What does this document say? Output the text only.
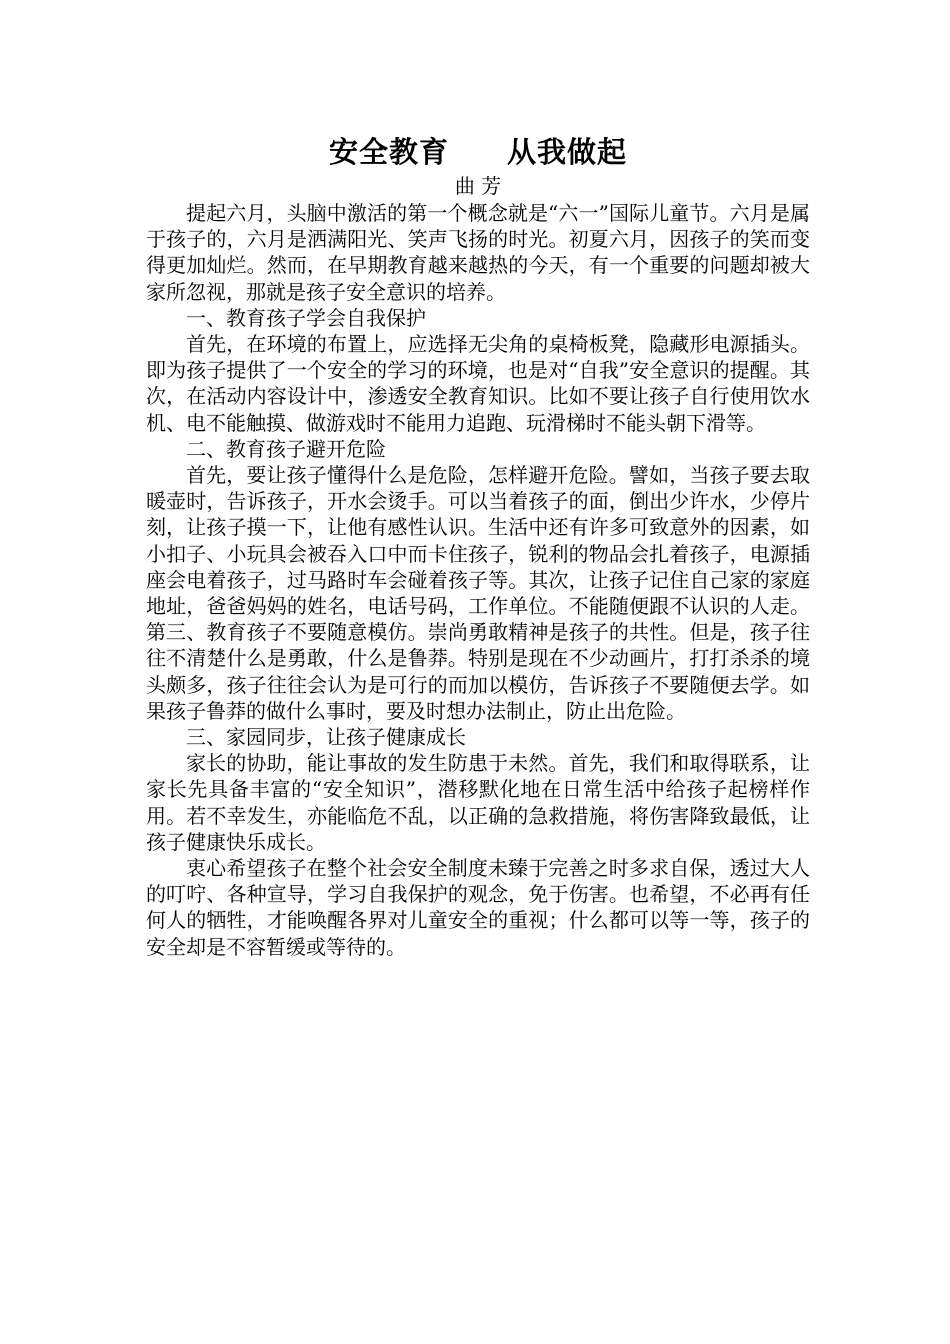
安全教育 从我做起

曲 芳

提起六月，头脑中激活的第一个概念就是“六一”国际儿童节。六月是属于孩子的，六月是洒满阳光、笑声飞扬的时光。初夏六月，因孩子的笑而变得更加灿烂。然而，在早期教育越来越热的今天，有一个重要的问题却被大家所忽视，那就是孩子安全意识的培养。

一、教育孩子学会自我保护

首先，在环境的布置上，应选择无尖角的桌椅板凳，隐藏形电源插头。即为孩子提供了一个安全的学习的环境，也是对“自我”安全意识的提醒。其次，在活动内容设计中，渗透安全教育知识。比如不要让孩子自行使用饮水机、电不能触摸、做游戏时不能用力追跑、玩滑梯时不能头朝下滑等。

二、教育孩子避开危险

首先，要让孩子懂得什么是危险，怎样避开危险。譬如，当孩子要去取暖壶时，告诉孩子，开水会烫手。可以当着孩子的面，倒出少许水，少停片刻，让孩子摸一下，让他有感性认识。生活中还有许多可致意外的因素，如小扣子、小玩具会被吞入口中而卡住孩子，锐利的物品会扎着孩子，电源插座会电着孩子，过马路时车会碰着孩子等。其次，让孩子记住自己家的家庭地址，爸爸妈妈的姓名，电话号码，工作单位。不能随便跟不认识的人走。第三、教育孩子不要随意模仿。崇尚勇敢精神是孩子的共性。但是，孩子往往不清楚什么是勇敢，什么是鲁莽。特别是现在不少动画片，打打杀杀的境头颇多，孩子往往会认为是可行的而加以模仿，告诉孩子不要随便去学。如果孩子鲁莽的做什么事时，要及时想办法制止，防止出危险。

三、家园同步，让孩子健康成长

家长的协助，能让事故的发生防患于未然。首先，我们和取得联系，让家长先具备丰富的“安全知识”，潜移默化地在日常生活中给孩子起榜样作用。若不幸发生，亦能临危不乱，以正确的急救措施，将伤害降致最低，让孩子健康快乐成长。

衷心希望孩子在整个社会安全制度未臻于完善之时多求自保，透过大人的叮咛、各种宣导，学习自我保护的观念，免于伤害。也希望，不必再有任何人的牺牲，才能唤醒各界对儿童安全的重视；什么都可以等一等，孩子的安全却是不容暂缓或等待的。
